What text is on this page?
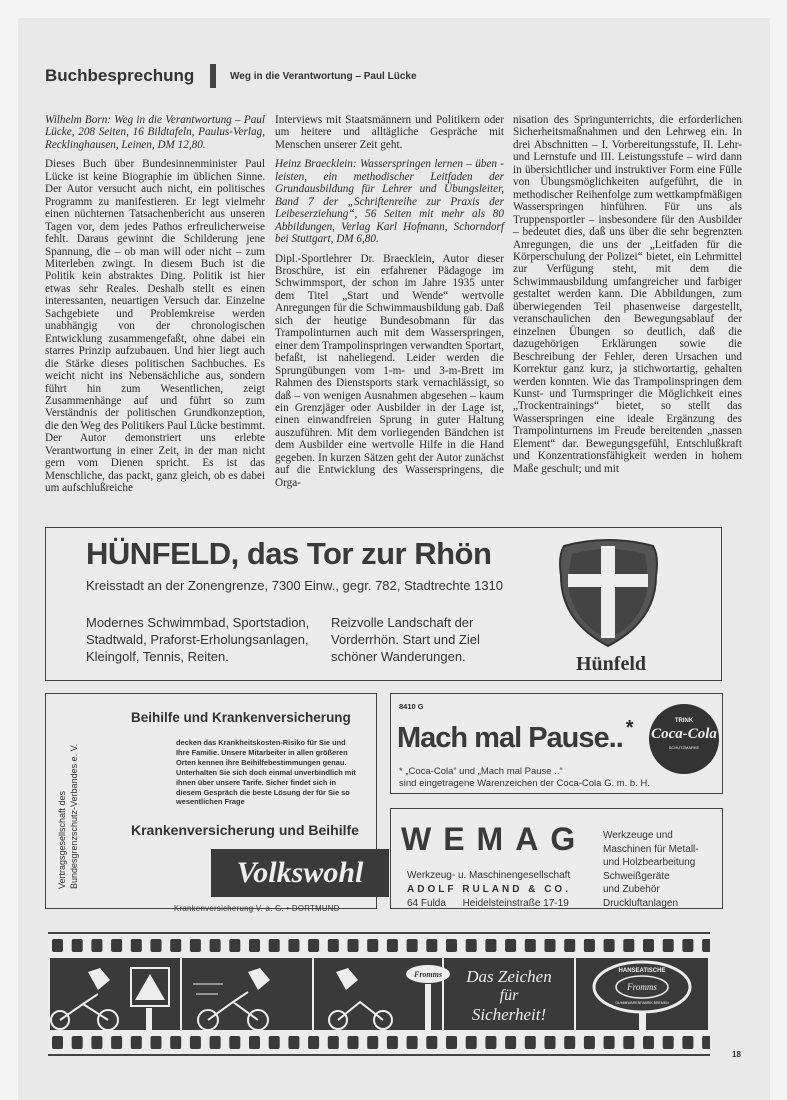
Buchbesprechung	Weg in die Verantwortung – Paul Lücke

Wilhelm Born: Weg in die Verantwortung – Paul Lücke, 208 Seiten, 16 Bildtafeln, Paulus-Verlag, Recklinghausen, Leinen, DM 12,80.

Dieses Buch über Bundesinnenminister Paul Lücke ist keine Biographie im üblichen Sinne. Der Autor versucht auch nicht, ein politisches Programm zu manifestieren. Er legt vielmehr einen nüchternen Tatsachenbericht aus unseren Tagen vor, dem jedes Pathos erfreulicherweise fehlt. Daraus gewinnt die Schilderung jene Spannung, die – ob man will oder nicht – zum Miterleben zwingt. In diesem Buch ist die Politik kein abstraktes Ding. Politik ist hier etwas sehr Reales. Deshalb stellt es einen interessanten, neuartigen Versuch dar. Einzelne Sachgebiete und Problemkreise werden unabhängig von der chronologischen Entwicklung zusammengefaßt, ohne dabei ein starres Prinzip aufzubauen. Und hier liegt auch die Stärke dieses politischen Sachbuches. Es weicht nicht ins Nebensächliche aus, sondern führt hin zum Wesentlichen, zeigt Zusammenhänge auf und führt so zum Verständnis der politischen Grundkonzeption, die den Weg des Politikers Paul Lücke bestimmt. Der Autor demonstriert uns erlebte Verantwortung in einer Zeit, in der man nicht gern vom Dienen spricht. Es ist das Menschliche, das packt, ganz gleich, ob es dabei um aufschlußreiche

Interviews mit Staatsmännern und Politikern oder um heitere und alltägliche Gespräche mit Menschen unserer Zeit geht.

Heinz Braecklein: Wasserspringen lernen – üben - leisten, ein methodischer Leitfaden der Grundausbildung für Lehrer und Übungsleiter, Band 7 der „Schriftenreihe zur Praxis der Leibeserziehung“, 56 Seiten mit mehr als 80 Abbildungen, Verlag Karl Hofmann, Schorndorf bei Stuttgart, DM 6,80.

Dipl.-Sportlehrer Dr. Braecklein, Autor dieser Broschüre, ist ein erfahrener Pädagoge im Schwimmsport, der schon im Jahre 1935 unter dem Titel „Start und Wende“ wertvolle Anregungen für die Schwimmausbildung gab. Daß sich der heutige Bundesobmann für das Trampolinturnen auch mit dem Wasserspringen, einer dem Trampolinspringen verwandten Sportart, befaßt, ist naheliegend. Leider werden die Sprungübungen vom 1-m- und 3-m-Brett im Rahmen des Dienstsports stark vernachlässigt, so daß – von wenigen Ausnahmen abgesehen – kaum ein Grenzjäger oder Ausbilder in der Lage ist, einen einwandfreien Sprung in guter Haltung auszuführen. Mit dem vorliegenden Bändchen ist dem Ausbilder eine wertvolle Hilfe in die Hand gegeben. In kurzen Sätzen geht der Autor zunächst auf die Entwicklung des Wasserspringens, die Orga-

nisation des Springunterrichts, die erforderlichen Sicherheitsmaßnahmen und den Lehrweg ein. In drei Abschnitten – I. Vorbereitungsstufe, II. Lehr- und Lernstufe und III. Leistungsstufe – wird dann in übersichtlicher und instruktiver Form eine Fülle von Übungsmöglichkeiten aufgeführt, die in methodischer Reihenfolge zum wettkampfmäßigen Wasserspringen hinführen. Für uns als Truppensportler – insbesondere für den Ausbilder – bedeutet dies, daß uns über die sehr begrenzten Anregungen, die uns der „Leitfaden für die Körperschulung der Polizei“ bietet, ein Lehrmittel zur Verfügung steht, mit dem die Schwimmausbildung umfangreicher und farbiger gestaltet werden kann. Die Abbildungen, zum überwiegenden Teil phasenweise dargestellt, veranschaulichen den Bewegungsablauf der einzelnen Übungen so deutlich, daß die dazugehörigen Erklärungen sowie die Beschreibung der Fehler, deren Ursachen und Korrektur ganz kurz, ja stichwortartig, gehalten werden konnten. Wie das Trampolinspringen dem Kunst- und Turmspringer die Möglichkeit eines „Trockentrainings“ bietet, so stellt das Wasserspringen eine ideale Ergänzung des Trampolinturnens im Freude bereitenden „nassen Element“ dar. Bewegungsgefühl, Entschlußkraft und Konzentrationsfähigkeit werden in hohem Maße geschult; und mit

HÜNFELD, das Tor zur Rhön
Kreisstadt an der Zonengrenze, 7300 Einw., gegr. 782, Stadtrechte 1310
Modernes Schwimmbad, Sportstadion,
Stadtwald, Praforst-Erholungsanlagen,
Kleingolf, Tennis, Reiten.
Reizvolle Landschaft der
Vorderrhön. Start und Ziel
schöner Wanderungen.	Hünfeld
Vertragsgesellschaft des Bundesgrenzschutz-Verbandes e. V.
Beihilfe und Krankenversicherung
decken das Krankheitskosten-Risiko für Sie und Ihre Familie. Unsere Mitarbeiter in allen größeren Orten kennen ihre Beihilfebestimmungen genau. Unterhalten Sie sich doch einmal unverbindlich mit ihnen über unsere Tarife. Sicher findet sich in diesem Gespräch die beste Lösung der für Sie so wesentlichen Frage
Krankenversicherung und Beihilfe
Volkswohl
Krankenversicherung V. a. G. • DORTMUND
8410 G
Mach mal Pause.. *
* „Coca-Cola“ und „Mach mal Pause ..“
sind eingetragene Warenzeichen der Coca-Cola G. m. b. H.
TRINK
Coca-Cola
SCHUTZMARKE
WEMAG
Werkzeug- u. Maschinengesellschaft
ADOLF RULAND & CO.
64 Fulda      Heidelsteinstraße 17-19
Werkzeuge und
Maschinen für Metall-
und Holzbearbeitung
Schweißgeräte
und Zubehör
Druckluftanlagen
Fromms Das Zeichen
für
Sicherheit!
HANSEATISCHE
Fromms
GUMMIWARENFABRIK BREMEN
18
